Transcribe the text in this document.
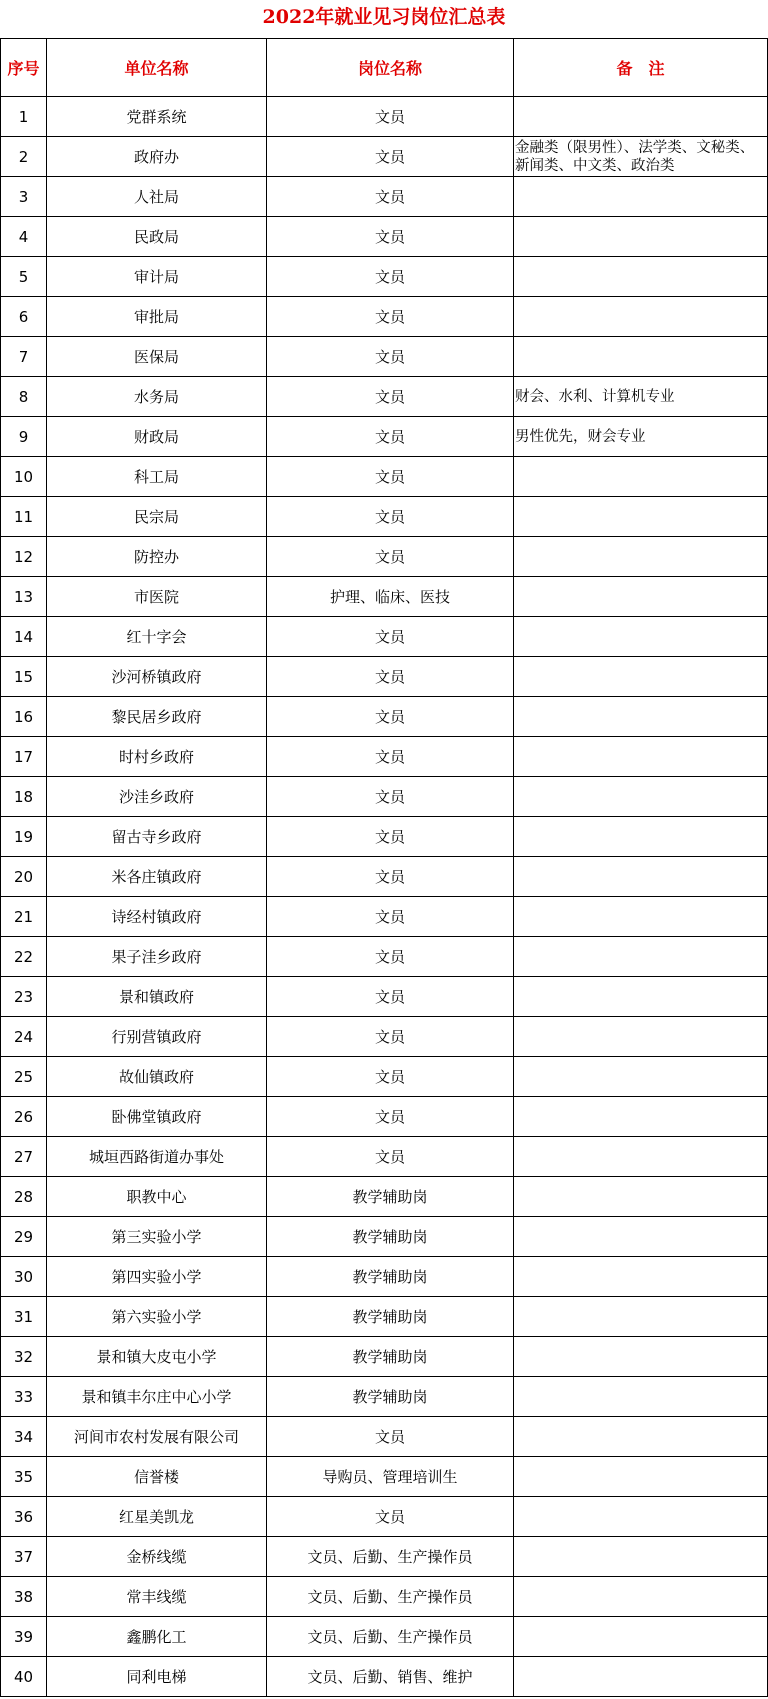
2022年就业见习岗位汇总表
序号	单位名称	岗位名称	备　注
1	党群系统	文员	
2	政府办	文员	金融类（限男性）、法学类、文秘类、新闻类、中文类、政治类
3	人社局	文员	
4	民政局	文员	
5	审计局	文员	
6	审批局	文员	
7	医保局	文员	
8	水务局	文员	财会、水利、计算机专业
9	财政局	文员	男性优先，财会专业
10	科工局	文员	
11	民宗局	文员	
12	防控办	文员	
13	市医院	护理、临床、医技	
14	红十字会	文员	
15	沙河桥镇政府	文员	
16	黎民居乡政府	文员	
17	时村乡政府	文员	
18	沙洼乡政府	文员	
19	留古寺乡政府	文员	
20	米各庄镇政府	文员	
21	诗经村镇政府	文员	
22	果子洼乡政府	文员	
23	景和镇政府	文员	
24	行别营镇政府	文员	
25	故仙镇政府	文员	
26	卧佛堂镇政府	文员	
27	城垣西路街道办事处	文员	
28	职教中心	教学辅助岗	
29	第三实验小学	教学辅助岗	
30	第四实验小学	教学辅助岗	
31	第六实验小学	教学辅助岗	
32	景和镇大皮屯小学	教学辅助岗	
33	景和镇丰尔庄中心小学	教学辅助岗	
34	河间市农村发展有限公司	文员	
35	信誉楼	导购员、管理培训生	
36	红星美凯龙	文员	
37	金桥线缆	文员、后勤、生产操作员	
38	常丰线缆	文员、后勤、生产操作员	
39	鑫鹏化工	文员、后勤、生产操作员	
40	同利电梯	文员、后勤、销售、维护	
